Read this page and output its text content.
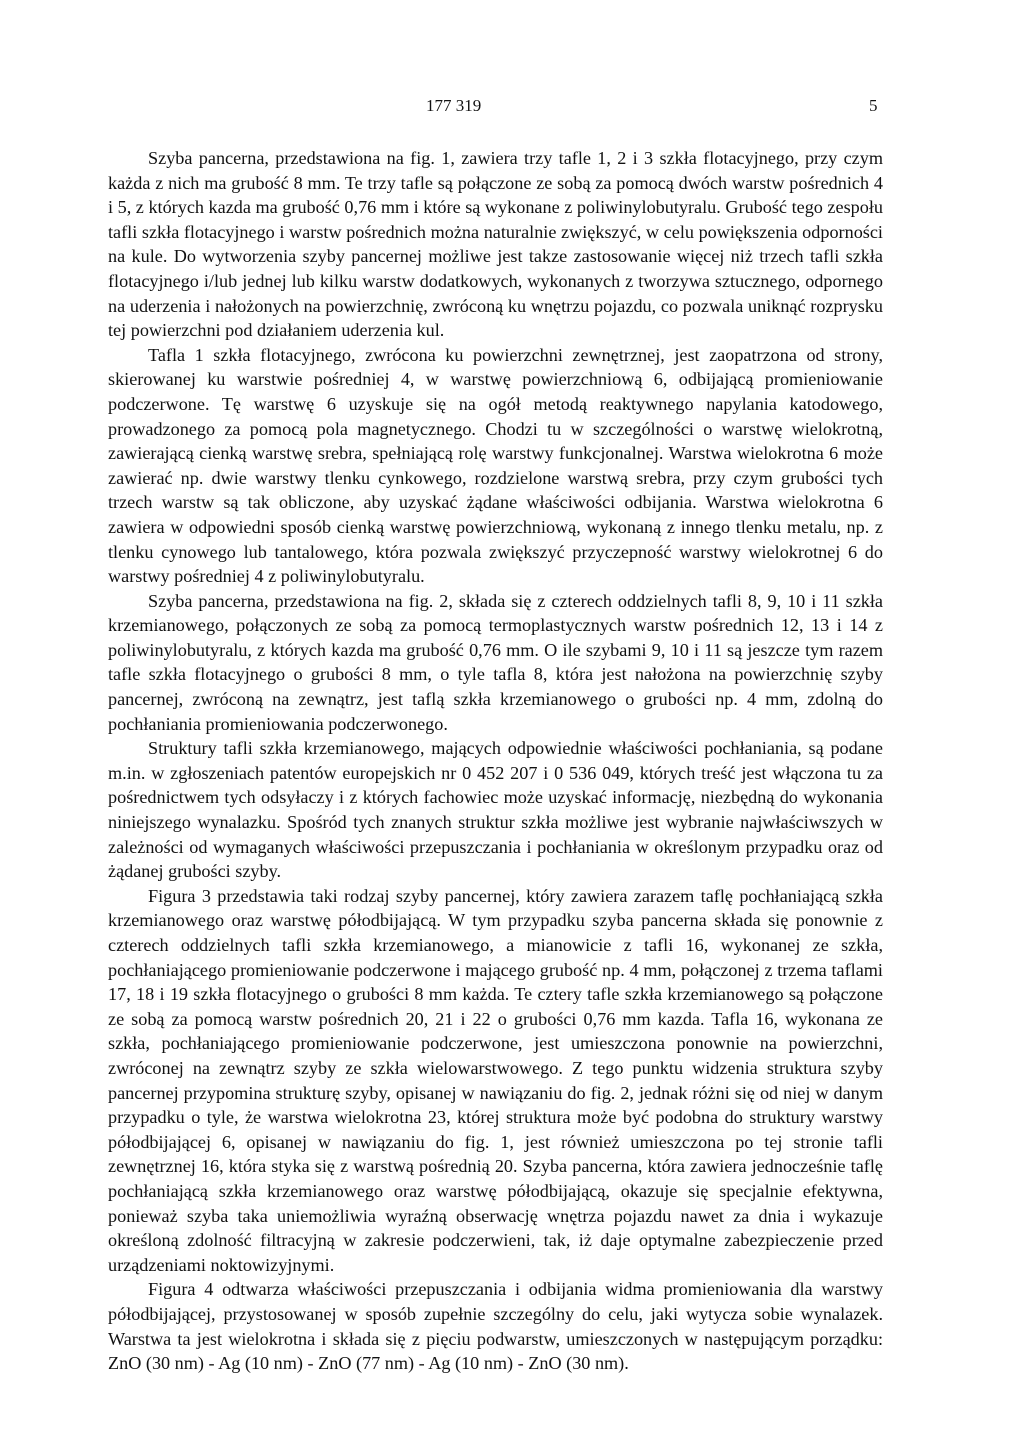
177 319	5

Szyba pancerna, przedstawiona na fig. 1, zawiera trzy tafle 1, 2 i 3 szkła flotacyjnego, przy czym każda z nich ma grubość 8 mm. Te trzy tafle są połączone ze sobą za pomocą dwóch warstw pośrednich 4 i 5, z których kazda ma grubość 0,76 mm i które są wykonane z poliwinylobutyralu. Grubość tego zespołu tafli szkła flotacyjnego i warstw pośrednich można naturalnie zwiększyć, w celu powiększenia odporności na kule. Do wytworzenia szyby pancernej możliwe jest takze zastosowanie więcej niż trzech tafli szkła flotacyjnego i/lub jednej lub kilku warstw dodatkowych, wykonanych z tworzywa sztucznego, odpornego na uderzenia i nałożonych na powierzchnię, zwróconą ku wnętrzu pojazdu, co pozwala uniknąć rozprysku tej powierzchni pod działaniem uderzenia kul.

Tafla 1 szkła flotacyjnego, zwrócona ku powierzchni zewnętrznej, jest zaopatrzona od strony, skierowanej ku warstwie pośredniej 4, w warstwę powierzchniową 6, odbijającą promieniowanie podczerwone. Tę warstwę 6 uzyskuje się na ogół metodą reaktywnego napylania katodowego, prowadzonego za pomocą pola magnetycznego. Chodzi tu w szczególności o warstwę wielokrotną, zawierającą cienką warstwę srebra, spełniającą rolę warstwy funkcjonalnej. Warstwa wielokrotna 6 może zawierać np. dwie warstwy tlenku cynkowego, rozdzielone warstwą srebra, przy czym grubości tych trzech warstw są tak obliczone, aby uzyskać żądane właściwości odbijania. Warstwa wielokrotna 6 zawiera w odpowiedni sposób cienką warstwę powierzchniową, wykonaną z innego tlenku metalu, np. z tlenku cynowego lub tantalowego, która pozwala zwiększyć przyczepność warstwy wielokrotnej 6 do warstwy pośredniej 4 z poliwinylobutyralu.

Szyba pancerna, przedstawiona na fig. 2, składa się z czterech oddzielnych tafli 8, 9, 10 i 11 szkła krzemianowego, połączonych ze sobą za pomocą termoplastycznych warstw pośrednich 12, 13 i 14 z poliwinylobutyralu, z których kazda ma grubość 0,76 mm. O ile szybami 9, 10 i 11 są jeszcze tym razem tafle szkła flotacyjnego o grubości 8 mm, o tyle tafla 8, która jest nałożona na powierzchnię szyby pancernej, zwróconą na zewnątrz, jest taflą szkła krzemianowego o grubości np. 4 mm, zdolną do pochłaniania promieniowania podczerwonego.

Struktury tafli szkła krzemianowego, mających odpowiednie właściwości pochłaniania, są podane m.in. w zgłoszeniach patentów europejskich nr 0 452 207 i 0 536 049, których treść jest włączona tu za pośrednictwem tych odsyłaczy i z których fachowiec może uzyskać informację, niezbędną do wykonania niniejszego wynalazku. Spośród tych znanych struktur szkła możliwe jest wybranie najwłaściwszych w zależności od wymaganych właściwości przepuszczania i pochłaniania w określonym przypadku oraz od żądanej grubości szyby.

Figura 3 przedstawia taki rodzaj szyby pancernej, który zawiera zarazem taflę pochłaniającą szkła krzemianowego oraz warstwę półodbijającą. W tym przypadku szyba pancerna składa się ponownie z czterech oddzielnych tafli szkła krzemianowego, a mianowicie z tafli 16, wykonanej ze szkła, pochłaniającego promieniowanie podczerwone i mającego grubość np. 4 mm, połączonej z trzema taflami 17, 18 i 19 szkła flotacyjnego o grubości 8 mm każda. Te cztery tafle szkła krzemianowego są połączone ze sobą za pomocą warstw pośrednich 20, 21 i 22 o grubości 0,76 mm kazda. Tafla 16, wykonana ze szkła, pochłaniającego promieniowanie podczerwone, jest umieszczona ponownie na powierzchni, zwróconej na zewnątrz szyby ze szkła wielowarstwowego. Z tego punktu widzenia struktura szyby pancernej przypomina strukturę szyby, opisanej w nawiązaniu do fig. 2, jednak różni się od niej w danym przypadku o tyle, że warstwa wielokrotna 23, której struktura może być podobna do struktury warstwy półodbijającej 6, opisanej w nawiązaniu do fig. 1, jest również umieszczona po tej stronie tafli zewnętrznej 16, która styka się z warstwą pośrednią 20. Szyba pancerna, która zawiera jednocześnie taflę pochłaniającą szkła krzemianowego oraz warstwę półodbijającą, okazuje się specjalnie efektywna, ponieważ szyba taka uniemożliwia wyraźną obserwację wnętrza pojazdu nawet za dnia i wykazuje określoną zdolność filtracyjną w zakresie podczerwieni, tak, iż daje optymalne zabezpieczenie przed urządzeniami noktowizyjnymi.

Figura 4 odtwarza właściwości przepuszczania i odbijania widma promieniowania dla warstwy półodbijającej, przystosowanej w sposób zupełnie szczególny do celu, jaki wytycza sobie wynalazek. Warstwa ta jest wielokrotna i składa się z pięciu podwarstw, umieszczonych w następującym porządku: ZnO (30 nm) - Ag (10 nm) - ZnO (77 nm) - Ag (10 nm) - ZnO (30 nm).
